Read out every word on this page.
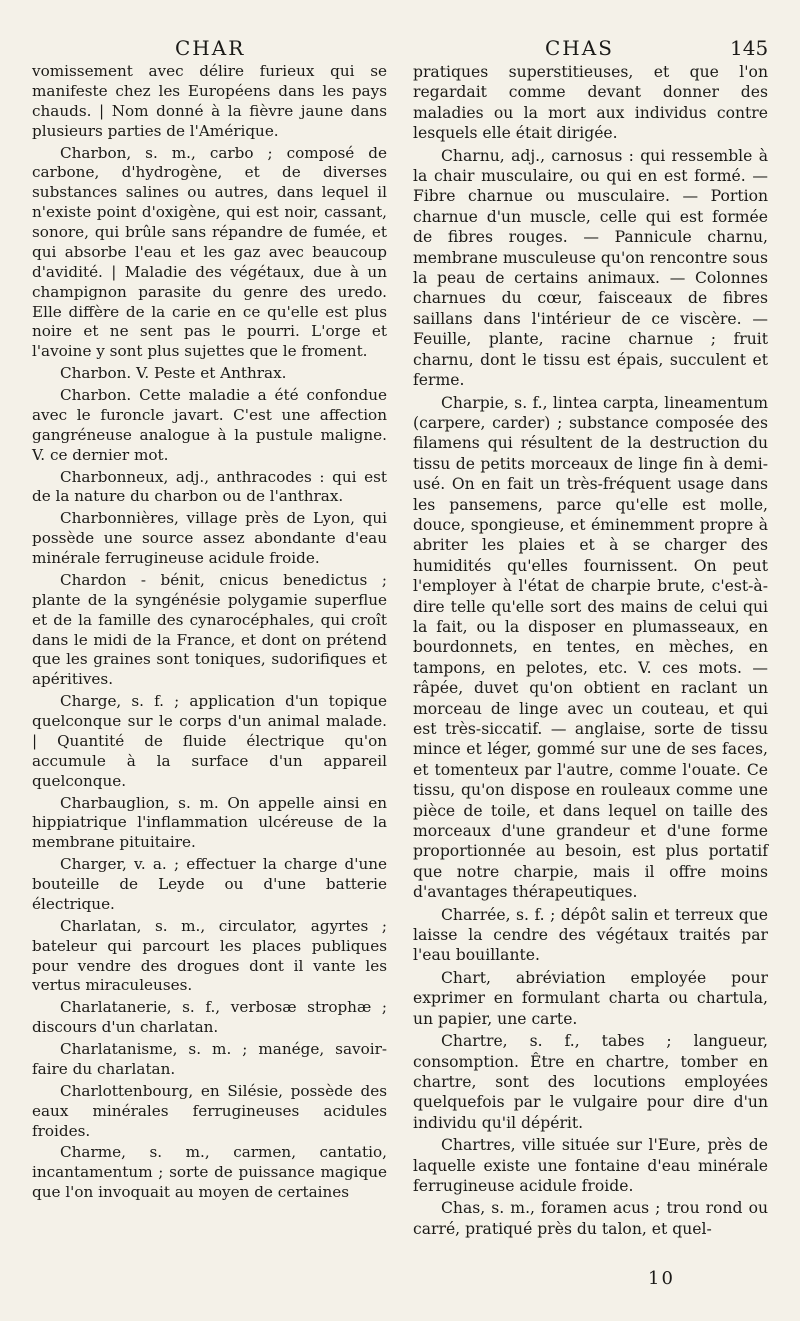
CHAR	CHAS	145

vomissement avec délire furieux qui se manifeste chez les Européens dans les pays chauds. | Nom donné à la fièvre jaune dans plusieurs parties de l'Amérique.

Charbon, s. m., carbo ; composé de carbone, d'hydrogène, et de diverses substances salines ou autres, dans lequel il n'existe point d'oxigène, qui est noir, cassant, sonore, qui brûle sans répandre de fumée, et qui absorbe l'eau et les gaz avec beaucoup d'avidité. | Maladie des végétaux, due à un champignon parasite du genre des uredo. Elle diffère de la carie en ce qu'elle est plus noire et ne sent pas le pourri. L'orge et l'avoine y sont plus sujettes que le froment.

Charbon. V. Peste et Anthrax.

Charbon. Cette maladie a été confondue avec le furoncle javart. C'est une affection gangréneuse analogue à la pustule maligne. V. ce dernier mot.

Charbonneux, adj., anthracodes : qui est de la nature du charbon ou de l'anthrax.

Charbonnières, village près de Lyon, qui possède une source assez abondante d'eau minérale ferrugineuse acidule froide.

Chardon - bénit, cnicus benedictus ; plante de la syngénésie polygamie superflue et de la famille des cynarocéphales, qui croît dans le midi de la France, et dont on prétend que les graines sont toniques, sudorifiques et apéritives.

Charge, s. f. ; application d'un topique quelconque sur le corps d'un animal malade. | Quantité de fluide électrique qu'on accumule à la surface d'un appareil quelconque.

Charbauglion, s. m. On appelle ainsi en hippiatrique l'inflammation ulcéreuse de la membrane pituitaire.

Charger, v. a. ; effectuer la charge d'une bouteille de Leyde ou d'une batterie électrique.

Charlatan, s. m., circulator, agyrtes ; bateleur qui parcourt les places publiques pour vendre des drogues dont il vante les vertus miraculeuses.

Charlatanerie, s. f., verbosæ strophæ ; discours d'un charlatan.

Charlatanisme, s. m. ; manége, savoir-faire du charlatan.

Charlottenbourg, en Silésie, possède des eaux minérales ferrugineuses acidules froides.

Charme, s. m., carmen, cantatio, incantamentum ; sorte de puissance magique que l'on invoquait au moyen de certaines

pratiques superstitieuses, et que l'on regardait comme devant donner des maladies ou la mort aux individus contre lesquels elle était dirigée.

Charnu, adj., carnosus : qui ressemble à la chair musculaire, ou qui en est formé. — Fibre charnue ou musculaire. — Portion charnue d'un muscle, celle qui est formée de fibres rouges. — Pannicule charnu, membrane musculeuse qu'on rencontre sous la peau de certains animaux. — Colonnes charnues du cœur, faisceaux de fibres saillans dans l'intérieur de ce viscère. — Feuille, plante, racine charnue ; fruit charnu, dont le tissu est épais, succulent et ferme.

Charpie, s. f., lintea carpta, lineamentum (carpere, carder) ; substance composée des filamens qui résultent de la destruction du tissu de petits morceaux de linge fin à demi-usé. On en fait un très-fréquent usage dans les pansemens, parce qu'elle est molle, douce, spongieuse, et éminemment propre à abriter les plaies et à se charger des humidités qu'elles fournissent. On peut l'employer à l'état de charpie brute, c'est-à-dire telle qu'elle sort des mains de celui qui la fait, ou la disposer en plumasseaux, en bourdonnets, en tentes, en mèches, en tampons, en pelotes, etc. V. ces mots. — râpée, duvet qu'on obtient en raclant un morceau de linge avec un couteau, et qui est très-siccatif. — anglaise, sorte de tissu mince et léger, gommé sur une de ses faces, et tomenteux par l'autre, comme l'ouate. Ce tissu, qu'on dispose en rouleaux comme une pièce de toile, et dans lequel on taille des morceaux d'une grandeur et d'une forme proportionnée au besoin, est plus portatif que notre charpie, mais il offre moins d'avantages thérapeutiques.

Charrée, s. f. ; dépôt salin et terreux que laisse la cendre des végétaux traités par l'eau bouillante.

Chart, abréviation employée pour exprimer en formulant charta ou chartula, un papier, une carte.

Chartre, s. f., tabes ; langueur, consomption. Être en chartre, tomber en chartre, sont des locutions employées quelquefois par le vulgaire pour dire d'un individu qu'il dépérit.

Chartres, ville située sur l'Eure, près de laquelle existe une fontaine d'eau minérale ferrugineuse acidule froide.

Chas, s. m., foramen acus ; trou rond ou carré, pratiqué près du talon, et quel-

10
